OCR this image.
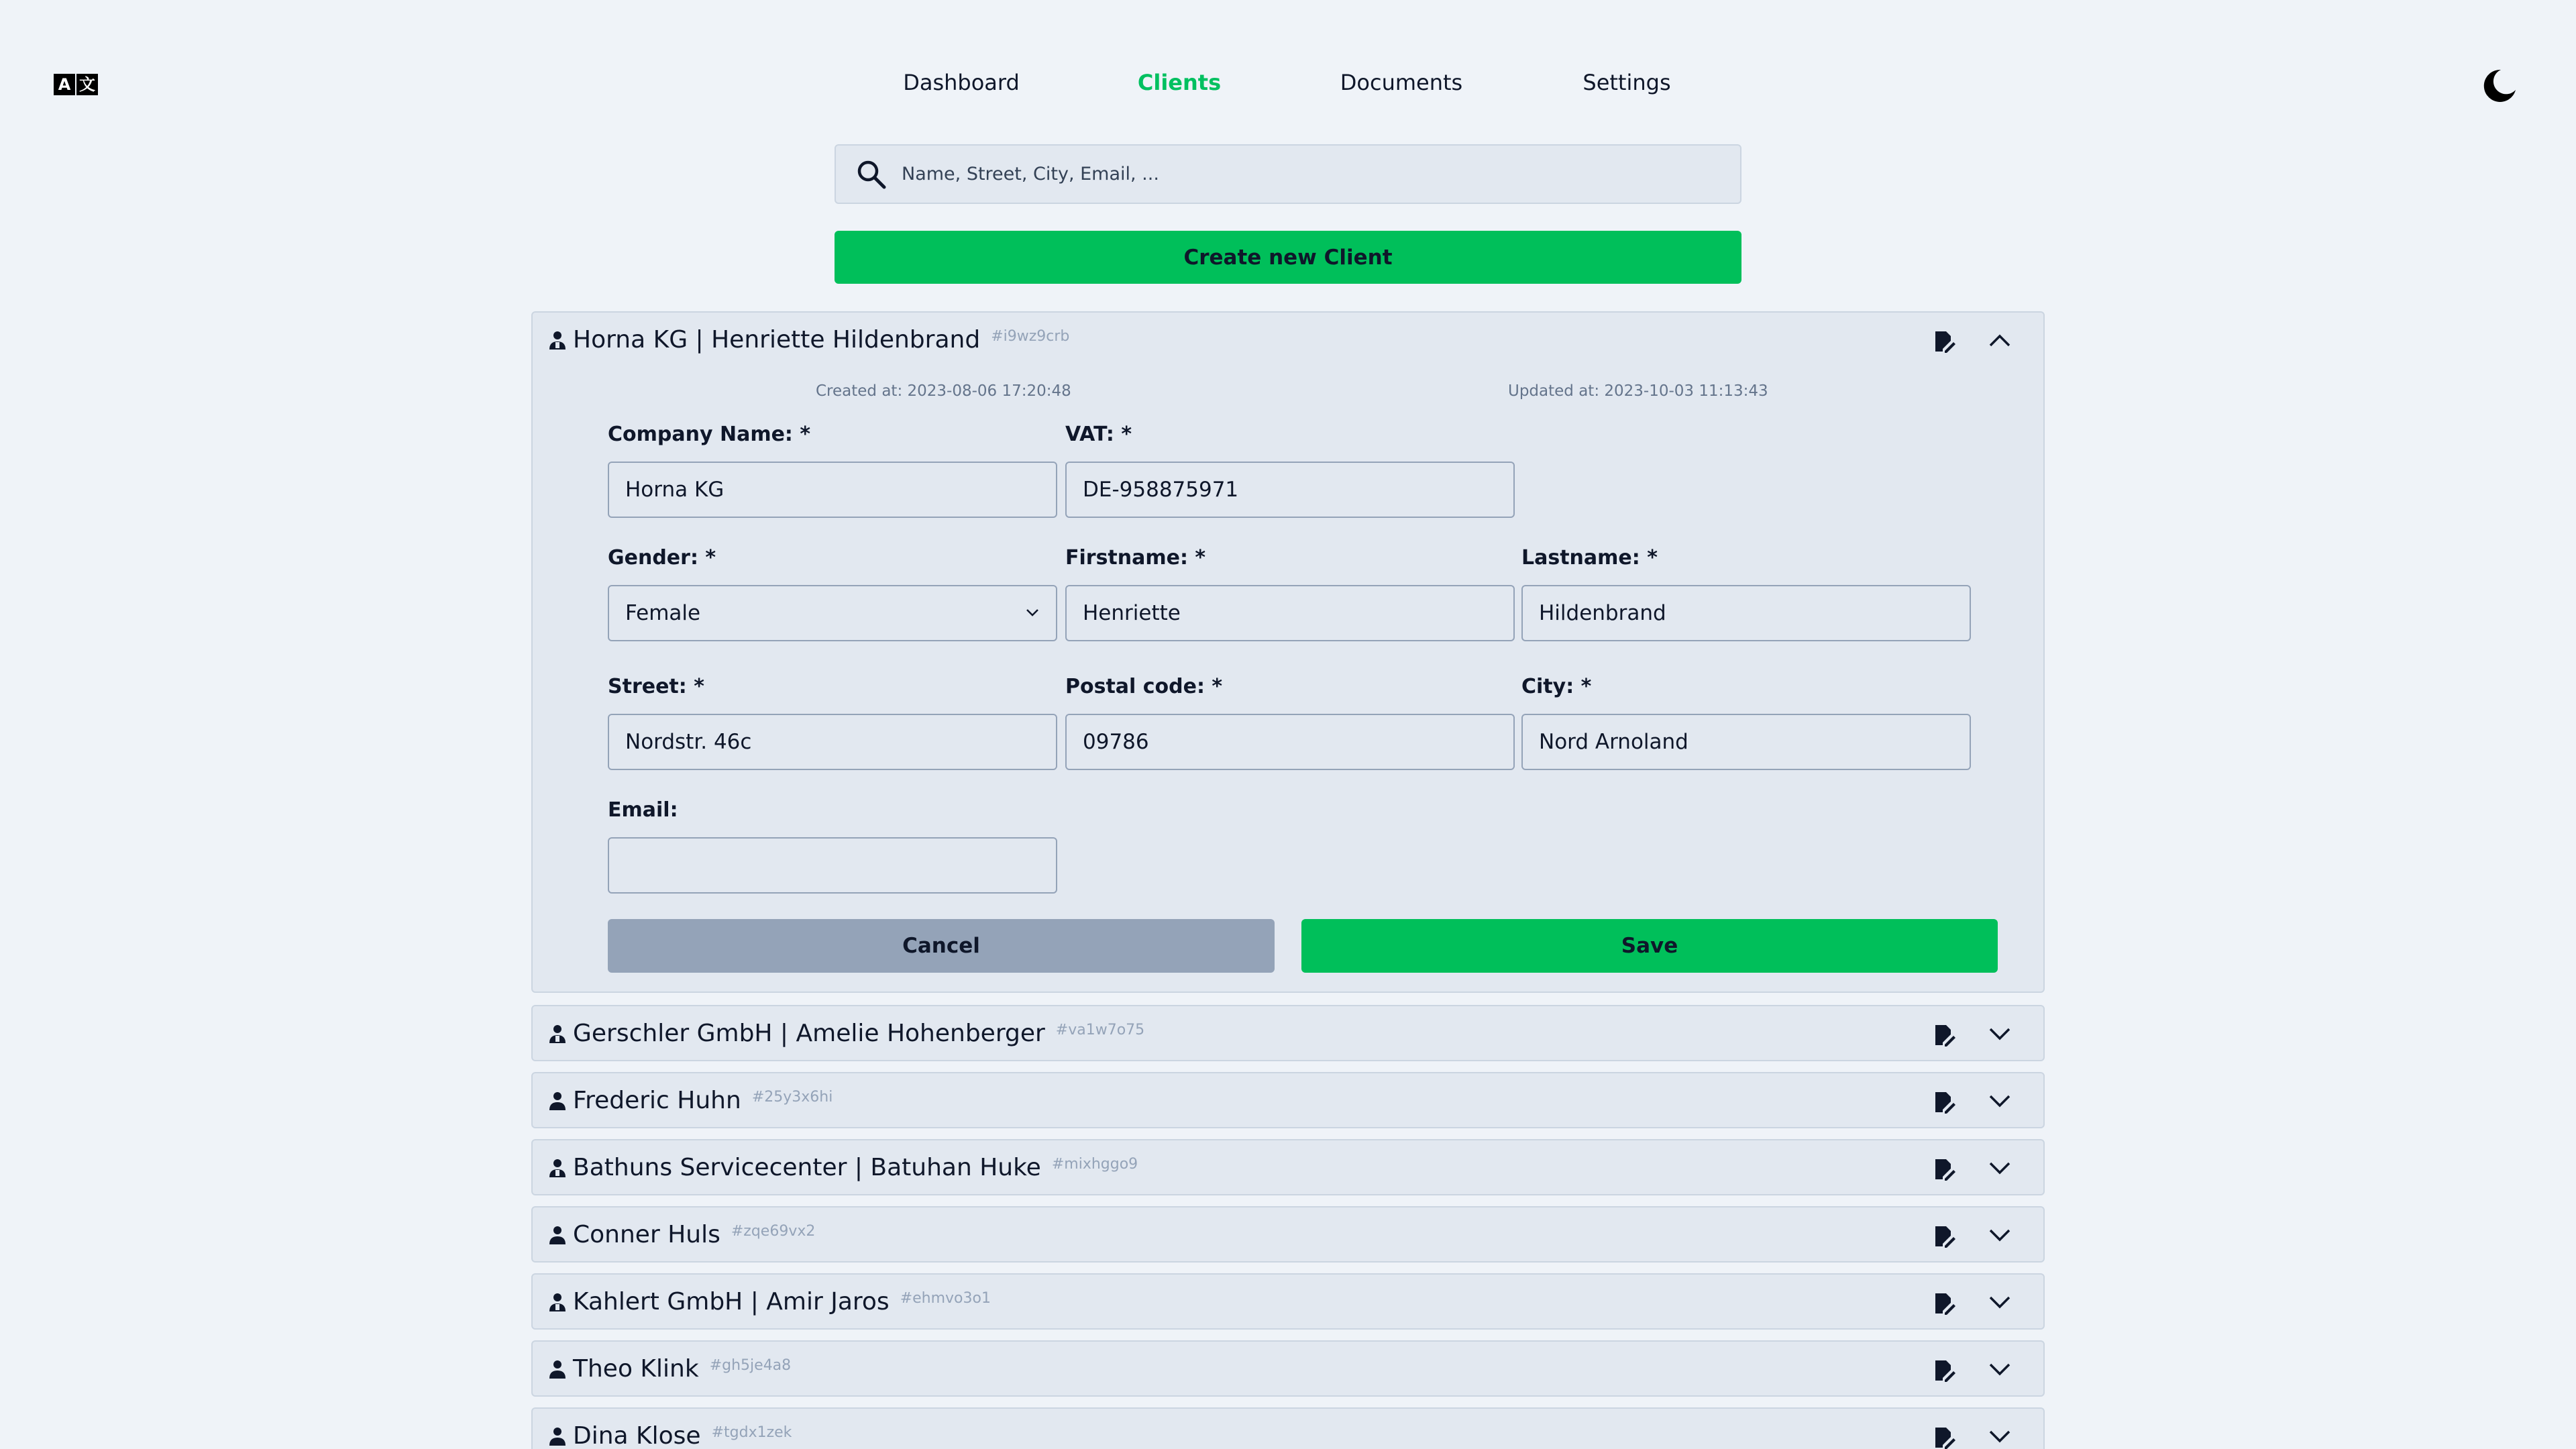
A 文	Dashboard	Clients	Documents	Settings
Name, Street, City, Email, ...
Create new Client
Horna KG | Henriette Hildenbrand $^{\#i9wz9crb}$
Created at: 2023-08-06 17:20:48	Updated at: 2023-10-03 11:13:43
Company Name: *
Horna KG	VAT: *
DE-958875971
Gender: *
Female
Firstname: *
Henriette	Lastname: *
Hildenbrand
Street: *
Nordstr. 46c	Postal code: *
09786	City: *
Nord Arnoland
Email:
Cancel	Save
Gerschler GmbH | Amelie Hohenberger $^{\#va1w7o75}$
Frederic Huhn $^{\#25y3x6hi}$
Bathuns Servicecenter | Batuhan Huke $^{\#mixhggo9}$
Conner Huls $^{\#zqe69vx2}$
Kahlert GmbH | Amir Jaros $^{\#ehmvo3o1}$
Theo Klink $^{\#gh5je4a8}$
Dina Klose $^{\#tgdx1zek}$
